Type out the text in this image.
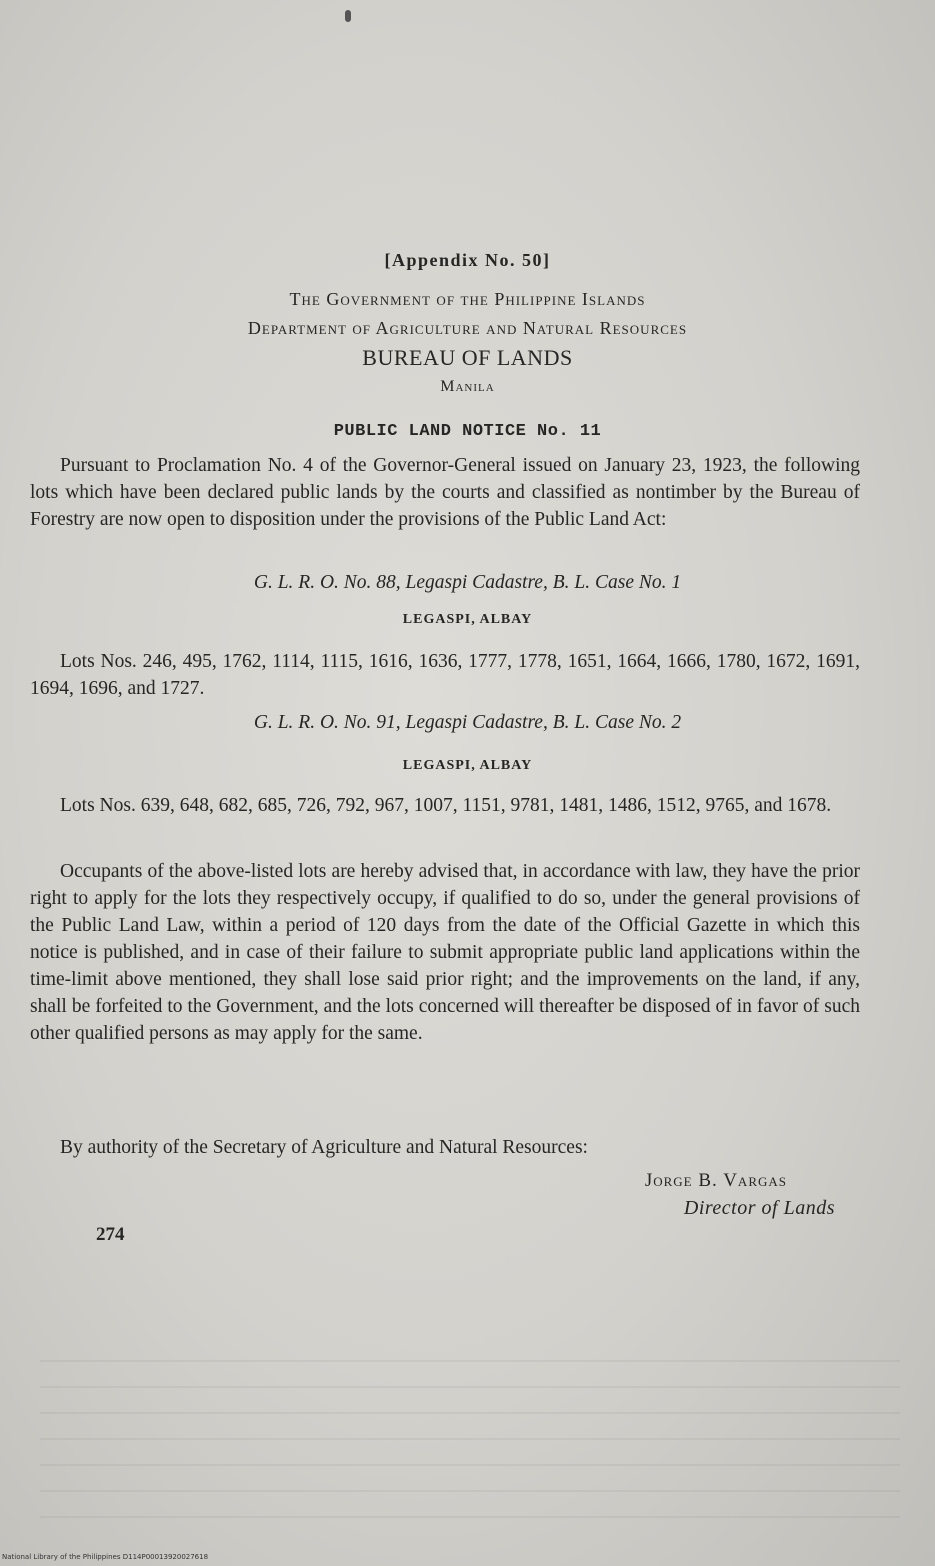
[Appendix No. 50]
The Government of the Philippine Islands
Department of Agriculture and Natural Resources
BUREAU OF LANDS
Manila
PUBLIC LAND NOTICE No. 11
Pursuant to Proclamation No. 4 of the Governor-General issued on January 23, 1923, the following lots which have been declared public lands by the courts and classified as nontimber by the Bureau of Forestry are now open to disposition under the provisions of the Public Land Act:
G. L. R. O. No. 88, Legaspi Cadastre, B. L. Case No. 1
LEGASPI, ALBAY
Lots Nos. 246, 495, 1762, 1114, 1115, 1616, 1636, 1777, 1778, 1651, 1664, 1666, 1780, 1672, 1691, 1694, 1696, and 1727.
G. L. R. O. No. 91, Legaspi Cadastre, B. L. Case No. 2
LEGASPI, ALBAY
Lots Nos. 639, 648, 682, 685, 726, 792, 967, 1007, 1151, 9781, 1481, 1486, 1512, 9765, and 1678.
Occupants of the above-listed lots are hereby advised that, in accordance with law, they have the prior right to apply for the lots they respectively occupy, if qualified to do so, under the general provisions of the Public Land Law, within a period of 120 days from the date of the Official Gazette in which this notice is published, and in case of their failure to submit appropriate public land applications within the time-limit above mentioned, they shall lose said prior right; and the improvements on the land, if any, shall be forfeited to the Government, and the lots concerned will thereafter be disposed of in favor of such other qualified persons as may apply for the same.
By authority of the Secretary of Agriculture and Natural Resources:
Jorge B. Vargas
Director of Lands
274
National Library of the Philippines D114P00013920027618
